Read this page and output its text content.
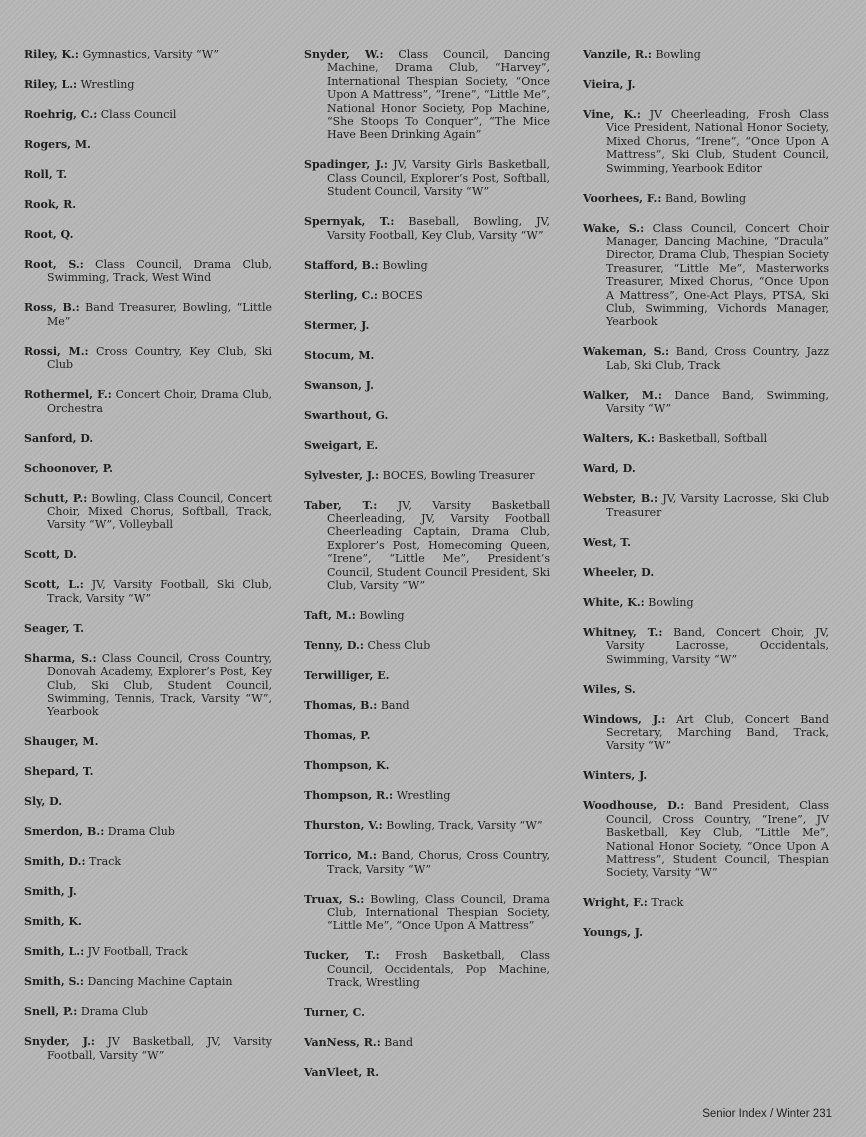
Riley, K.: Gymnastics, Varsity “W”
Riley, L.: Wrestling
Roehrig, C.: Class Council
Rogers, M.
Roll, T.
Rook, R.
Root, Q.
Root, S.: Class Council, Drama Club, Swimming, Track, West Wind
Ross, B.: Band Treasurer, Bowling, “Little Me”
Rossi, M.: Cross Country, Key Club, Ski Club
Rothermel, F.: Concert Choir, Drama Club, Orchestra
Sanford, D.
Schoonover, P.
Schutt, P.: Bowling, Class Council, Concert Choir, Mixed Chorus, Softball, Track, Varsity “W”, Volleyball
Scott, D.
Scott, L.: JV, Varsity Football, Ski Club, Track, Varsity “W”
Seager, T.
Sharma, S.: Class Council, Cross Country, Donovah Academy, Explorer’s Post, Key Club, Ski Club, Student Council, Swimming, Tennis, Track, Varsity “W”, Yearbook
Shauger, M.
Shepard, T.
Sly, D.
Smerdon, B.: Drama Club
Smith, D.: Track
Smith, J.
Smith, K.
Smith, L.: JV Football, Track
Smith, S.: Dancing Machine Captain
Snell, P.: Drama Club
Snyder, J.: JV Basketball, JV, Varsity Football, Varsity “W”
Snyder, W.: Class Council, Dancing Machine, Drama Club, “Harvey”, International Thespian Society, “Once Upon A Mattress”, “Irene”, “Little Me”, National Honor Society, Pop Machine, “She Stoops To Conquer”, “The Mice Have Been Drinking Again”
Spadinger, J.: JV, Varsity Girls Basketball, Class Council, Explorer’s Post, Softball, Student Council, Varsity “W”
Spernyak, T.: Baseball, Bowling, JV, Varsity Football, Key Club, Varsity “W”
Stafford, B.: Bowling
Sterling, C.: BOCES
Stermer, J.
Stocum, M.
Swanson, J.
Swarthout, G.
Sweigart, E.
Sylvester, J.: BOCES, Bowling Treasurer
Taber, T.: JV, Varsity Basketball Cheerleading, JV, Varsity Football Cheerleading Captain, Drama Club, Explorer’s Post, Homecoming Queen, “Irene”, “Little Me”, President’s Council, Student Council President, Ski Club, Varsity “W”
Taft, M.: Bowling
Tenny, D.: Chess Club
Terwilliger, E.
Thomas, B.: Band
Thomas, P.
Thompson, K.
Thompson, R.: Wrestling
Thurston, V.: Bowling, Track, Varsity “W”
Torrico, M.: Band, Chorus, Cross Country, Track, Varsity “W”
Truax, S.: Bowling, Class Council, Drama Club, International Thespian Society, “Little Me”, “Once Upon A Mattress”
Tucker, T.: Frosh Basketball, Class Council, Occidentals, Pop Machine, Track, Wrestling
Turner, C.
VanNess, R.: Band
VanVleet, R.
Vanzile, R.: Bowling
Vieira, J.
Vine, K.: JV Cheerleading, Frosh Class Vice President, National Honor Society, Mixed Chorus, “Irene”, “Once Upon A Mattress”, Ski Club, Student Council, Swimming, Yearbook Editor
Voorhees, F.: Band, Bowling
Wake, S.: Class Council, Concert Choir Manager, Dancing Machine, “Dracula” Director, Drama Club, Thespian Society Treasurer, “Little Me”, Masterworks Treasurer, Mixed Chorus, “Once Upon A Mattress”, One-Act Plays, PTSA, Ski Club, Swimming, Vichords Manager, Yearbook
Wakeman, S.: Band, Cross Country, Jazz Lab, Ski Club, Track
Walker, M.: Dance Band, Swimming, Varsity “W”
Walters, K.: Basketball, Softball
Ward, D.
Webster, B.: JV, Varsity Lacrosse, Ski Club Treasurer
West, T.
Wheeler, D.
White, K.: Bowling
Whitney, T.: Band, Concert Choir, JV, Varsity Lacrosse, Occidentals, Swimming, Varsity “W”
Wiles, S.
Windows, J.: Art Club, Concert Band Secretary, Marching Band, Track, Varsity “W”
Winters, J.
Woodhouse, D.: Band President, Class Council, Cross Country, “Irene”, JV Basketball, Key Club, “Little Me”, National Honor Society, “Once Upon A Mattress”, Student Council, Thespian Society, Varsity “W”
Wright, F.: Track
Youngs, J.
Senior Index / Winter 231
